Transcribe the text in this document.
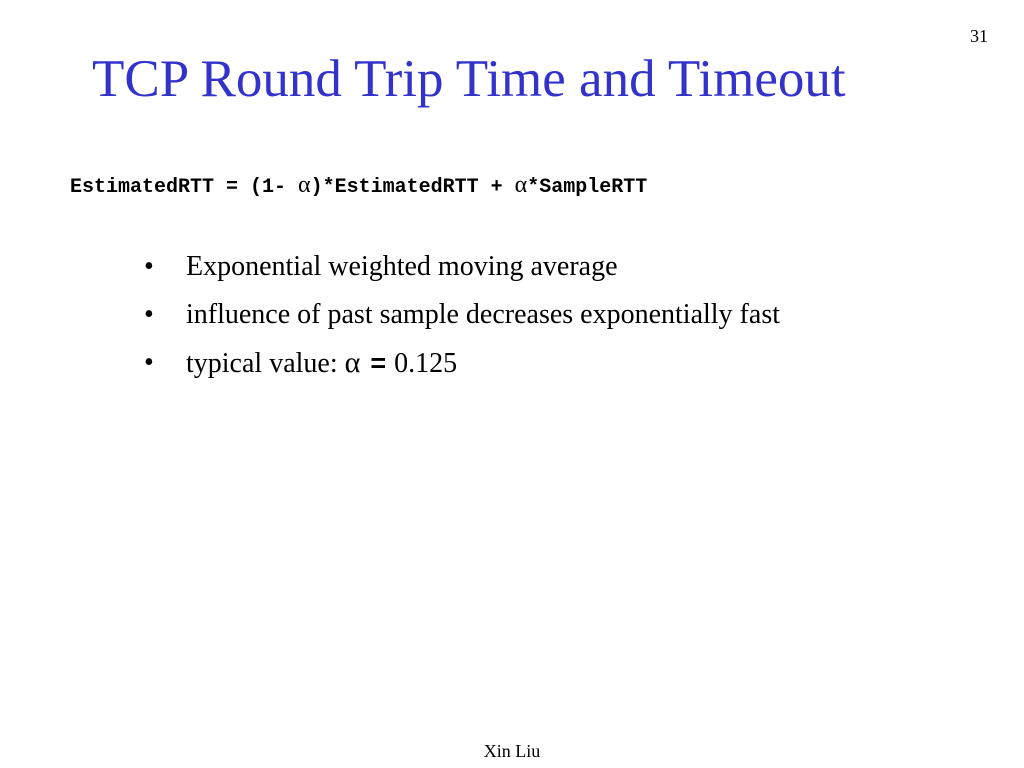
31
TCP Round Trip Time and Timeout
EstimatedRTT = (1- α)*EstimatedRTT + α*SampleRTT
• Exponential weighted moving average
• influence of past sample decreases exponentially fast
• typical value: α = 0.125
Xin Liu
